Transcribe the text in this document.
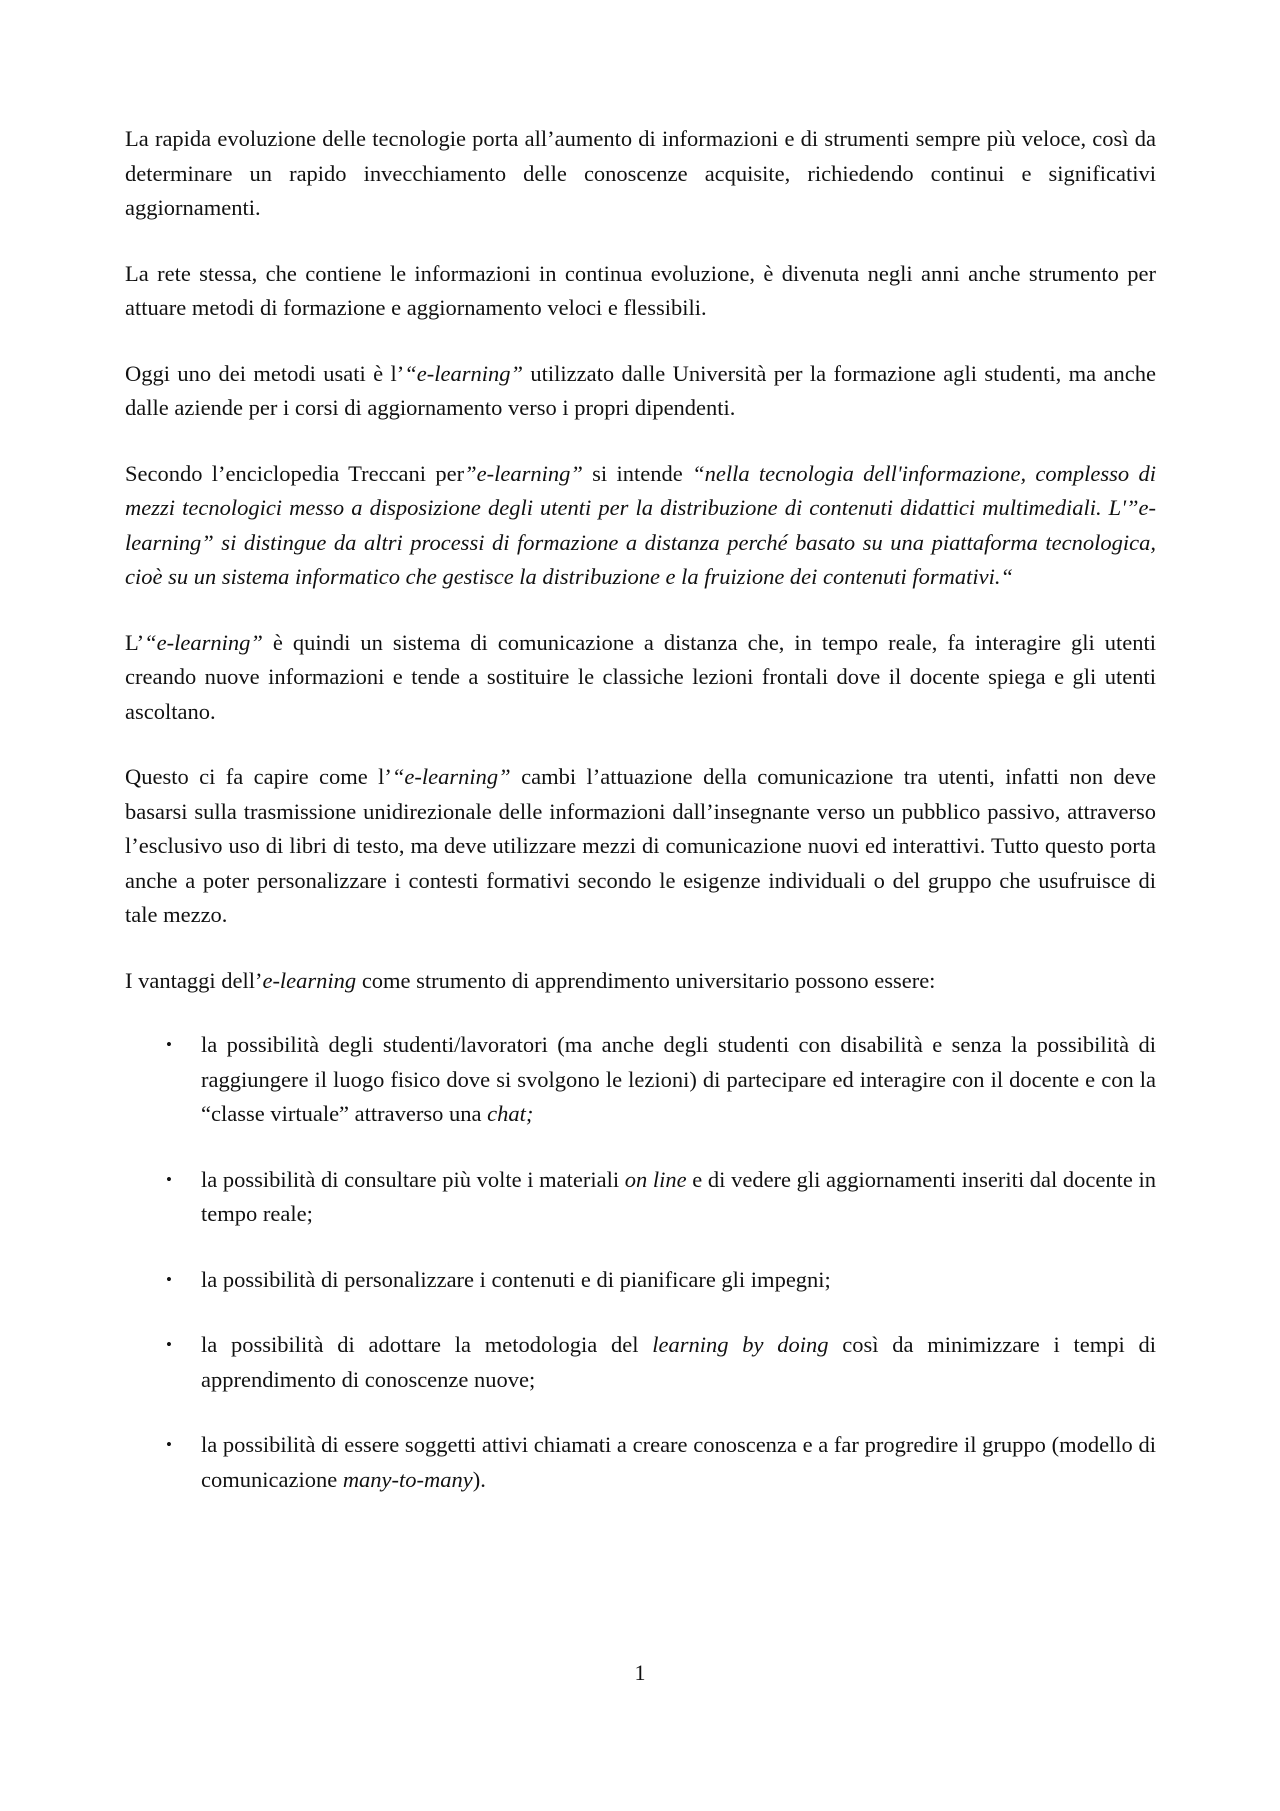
La rapida evoluzione delle tecnologie porta all’aumento di informazioni e di strumenti sempre più veloce, così da determinare un rapido invecchiamento delle conoscenze acquisite, richiedendo continui e significativi aggiornamenti.

La rete stessa, che contiene le informazioni in continua evoluzione, è divenuta negli anni anche strumento per attuare metodi di formazione e aggiornamento veloci e flessibili.

Oggi uno dei metodi usati è l’“e-learning” utilizzato dalle Università per la formazione agli studenti, ma anche dalle aziende per i corsi di aggiornamento verso i propri dipendenti.

Secondo l’enciclopedia Treccani per”e-learning” si intende “nella tecnologia dell'informazione, complesso di mezzi tecnologici messo a disposizione degli utenti per la distribuzione di contenuti didattici multimediali. L'”e-learning” si distingue da altri processi di formazione a distanza perché basato su una piattaforma tecnologica, cioè su un sistema informatico che gestisce la distribuzione e la fruizione dei contenuti formativi.“

L’“e-learning” è quindi un sistema di comunicazione a distanza che, in tempo reale, fa interagire gli utenti creando nuove informazioni e tende a sostituire le classiche lezioni frontali dove il docente spiega e gli utenti ascoltano.

Questo ci fa capire come l’“e-learning” cambi l’attuazione della comunicazione tra utenti, infatti non deve basarsi sulla trasmissione unidirezionale delle informazioni dall’insegnante verso un pubblico passivo, attraverso l’esclusivo uso di libri di testo, ma deve utilizzare mezzi di comunicazione nuovi ed interattivi. Tutto questo porta anche a poter personalizzare i contesti formativi secondo le esigenze individuali o del gruppo che usufruisce di tale mezzo.

I vantaggi dell’e-learning come strumento di apprendimento universitario possono essere:

• la possibilità degli studenti/lavoratori (ma anche degli studenti con disabilità e senza la possibilità di raggiungere il luogo fisico dove si svolgono le lezioni) di partecipare ed interagire con il docente e con la “classe virtuale” attraverso una chat;
• la possibilità di consultare più volte i materiali on line e di vedere gli aggiornamenti inseriti dal docente in tempo reale;
• la possibilità di personalizzare i contenuti e di pianificare gli impegni;
• la possibilità di adottare la metodologia del learning by doing così da minimizzare i tempi di apprendimento di conoscenze nuove;
• la possibilità di essere soggetti attivi chiamati a creare conoscenza e a far progredire il gruppo (modello di comunicazione many-to-many).
1
